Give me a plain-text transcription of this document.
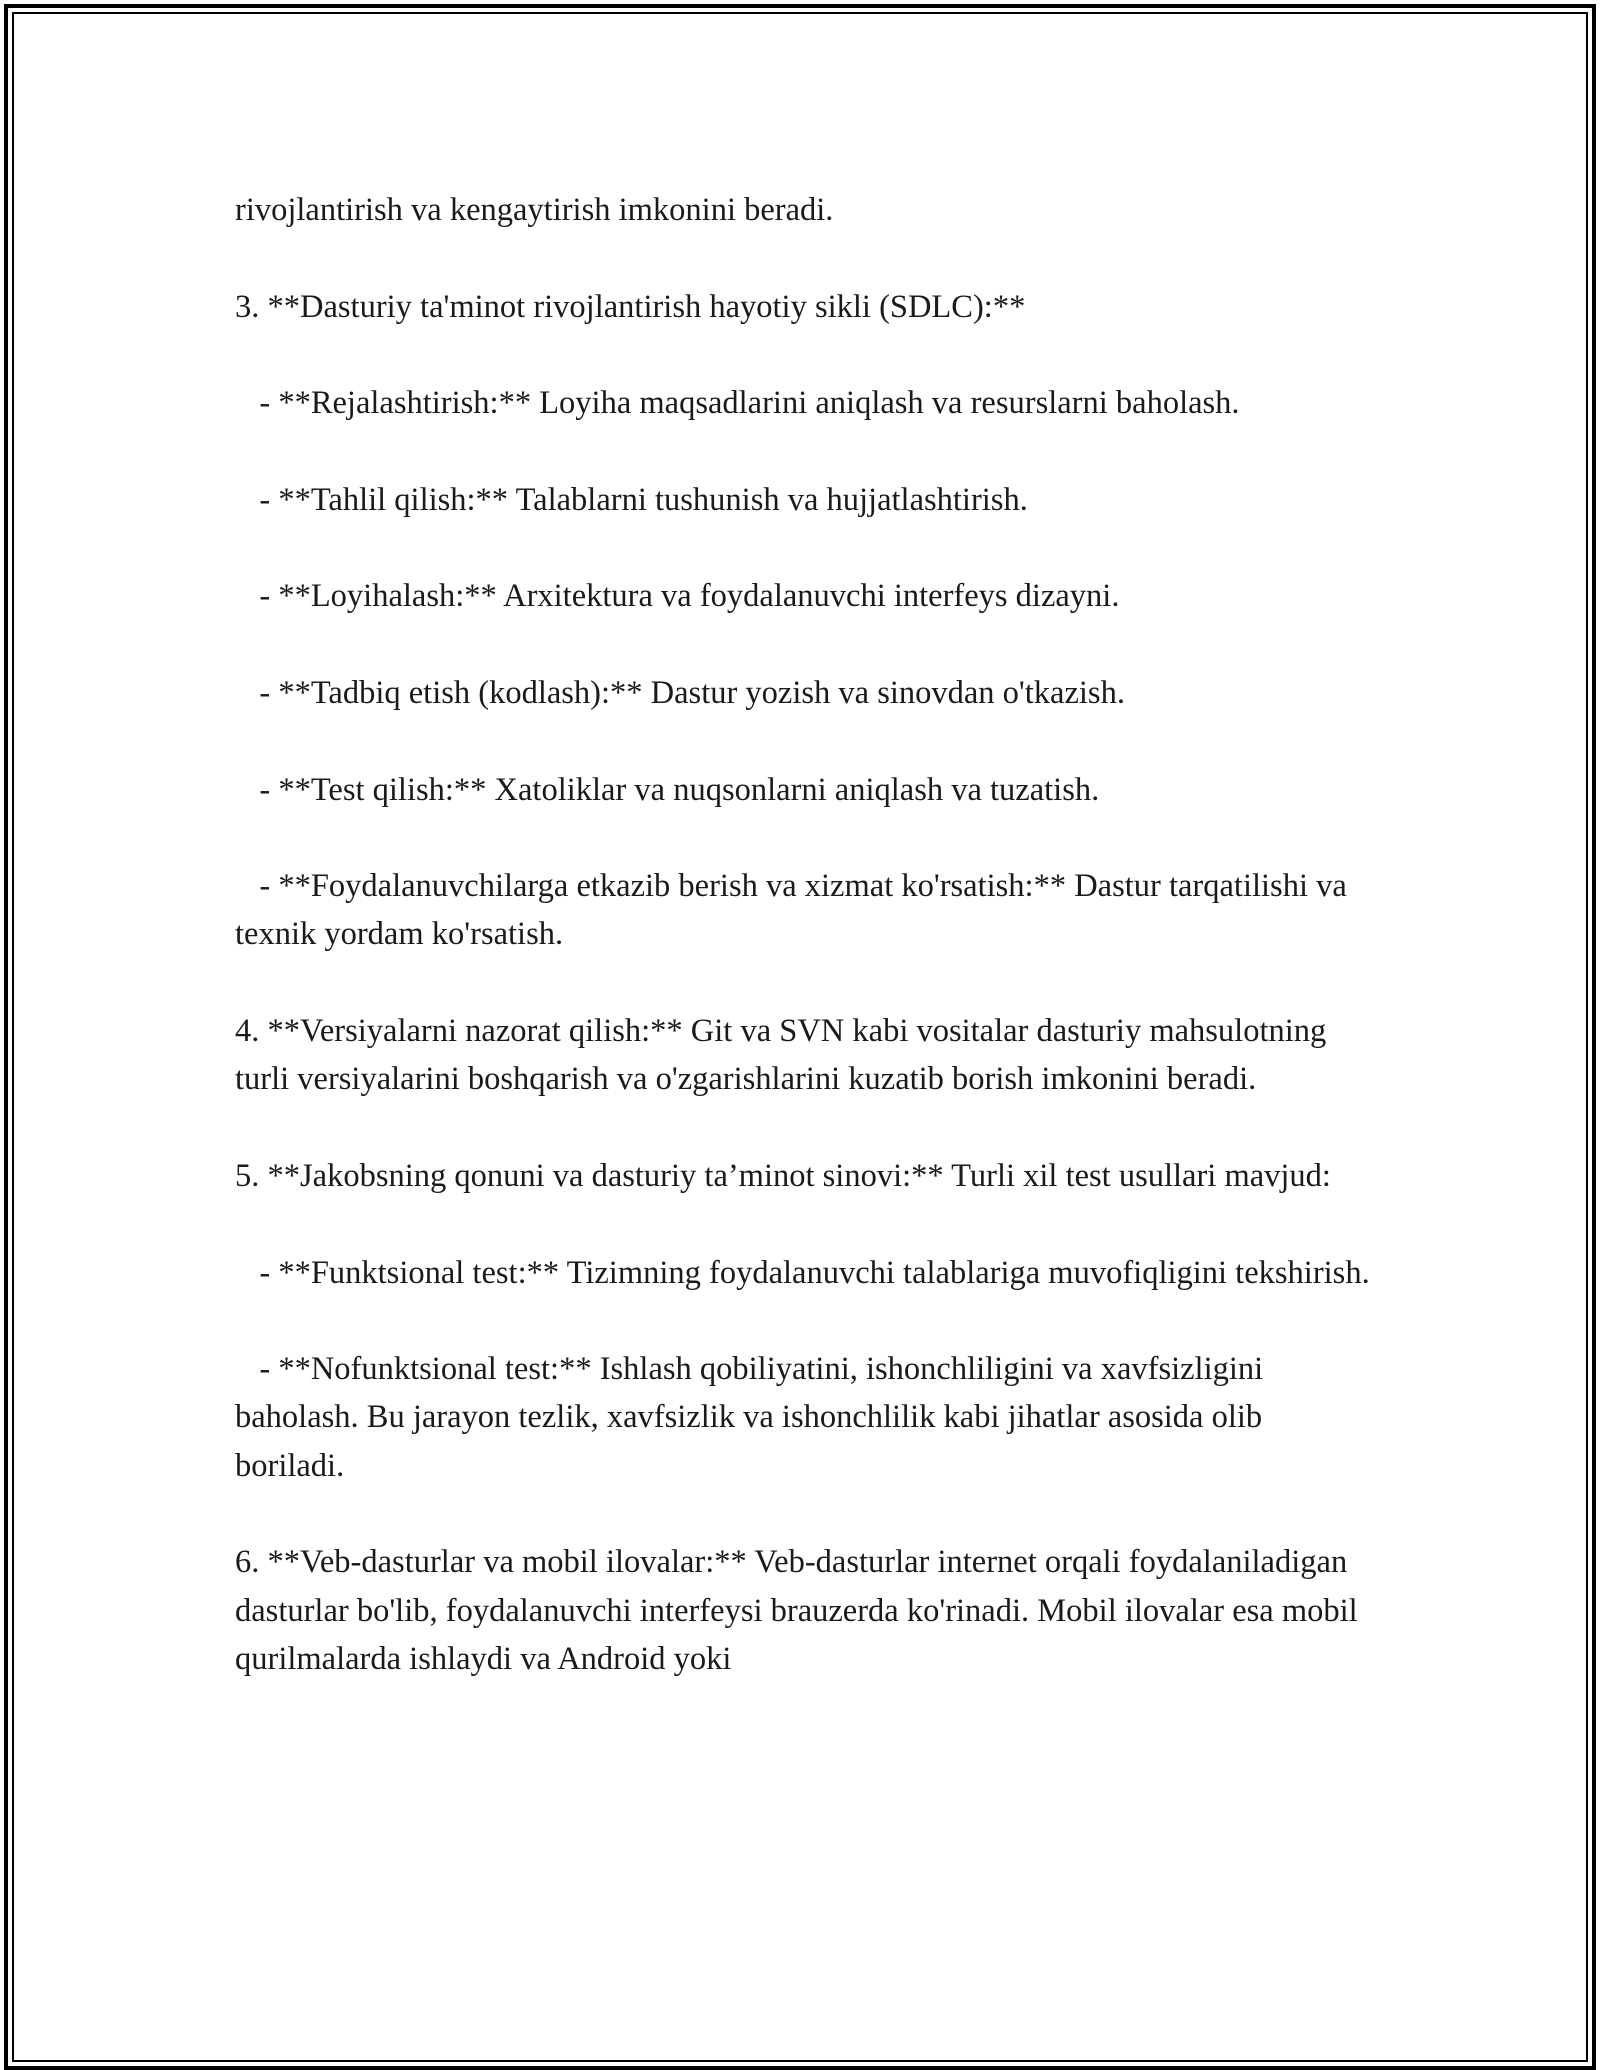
rivojlantirish va kengaytirish imkonini beradi.

3. **Dasturiy ta'minot rivojlantirish hayotiy sikli (SDLC):**

- **Rejalashtirish:** Loyiha maqsadlarini aniqlash va resurslarni baholash.

- **Tahlil qilish:** Talablarni tushunish va hujjatlashtirish.

- **Loyihalash:** Arxitektura va foydalanuvchi interfeys dizayni.

- **Tadbiq etish (kodlash):** Dastur yozish va sinovdan o'tkazish.

- **Test qilish:** Xatoliklar va nuqsonlarni aniqlash va tuzatish.

- **Foydalanuvchilarga etkazib berish va xizmat ko'rsatish:** Dastur tarqatilishi va texnik yordam ko'rsatish.

4. **Versiyalarni nazorat qilish:** Git va SVN kabi vositalar dasturiy mahsulotning turli versiyalarini boshqarish va o'zgarishlarini kuzatib borish imkonini beradi.

5. **Jakobsning qonuni va dasturiy ta’minot sinovi:** Turli xil test usullari mavjud:

- **Funktsional test:** Tizimning foydalanuvchi talablariga muvofiqligini tekshirish.

- **Nofunktsional test:** Ishlash qobiliyatini, ishonchliligini va xavfsizligini baholash. Bu jarayon tezlik, xavfsizlik va ishonchlilik kabi jihatlar asosida olib boriladi.

6. **Veb-dasturlar va mobil ilovalar:** Veb-dasturlar internet orqali foydalaniladigan dasturlar bo'lib, foydalanuvchi interfeysi brauzerda ko'rinadi. Mobil ilovalar esa mobil qurilmalarda ishlaydi va Android yoki
